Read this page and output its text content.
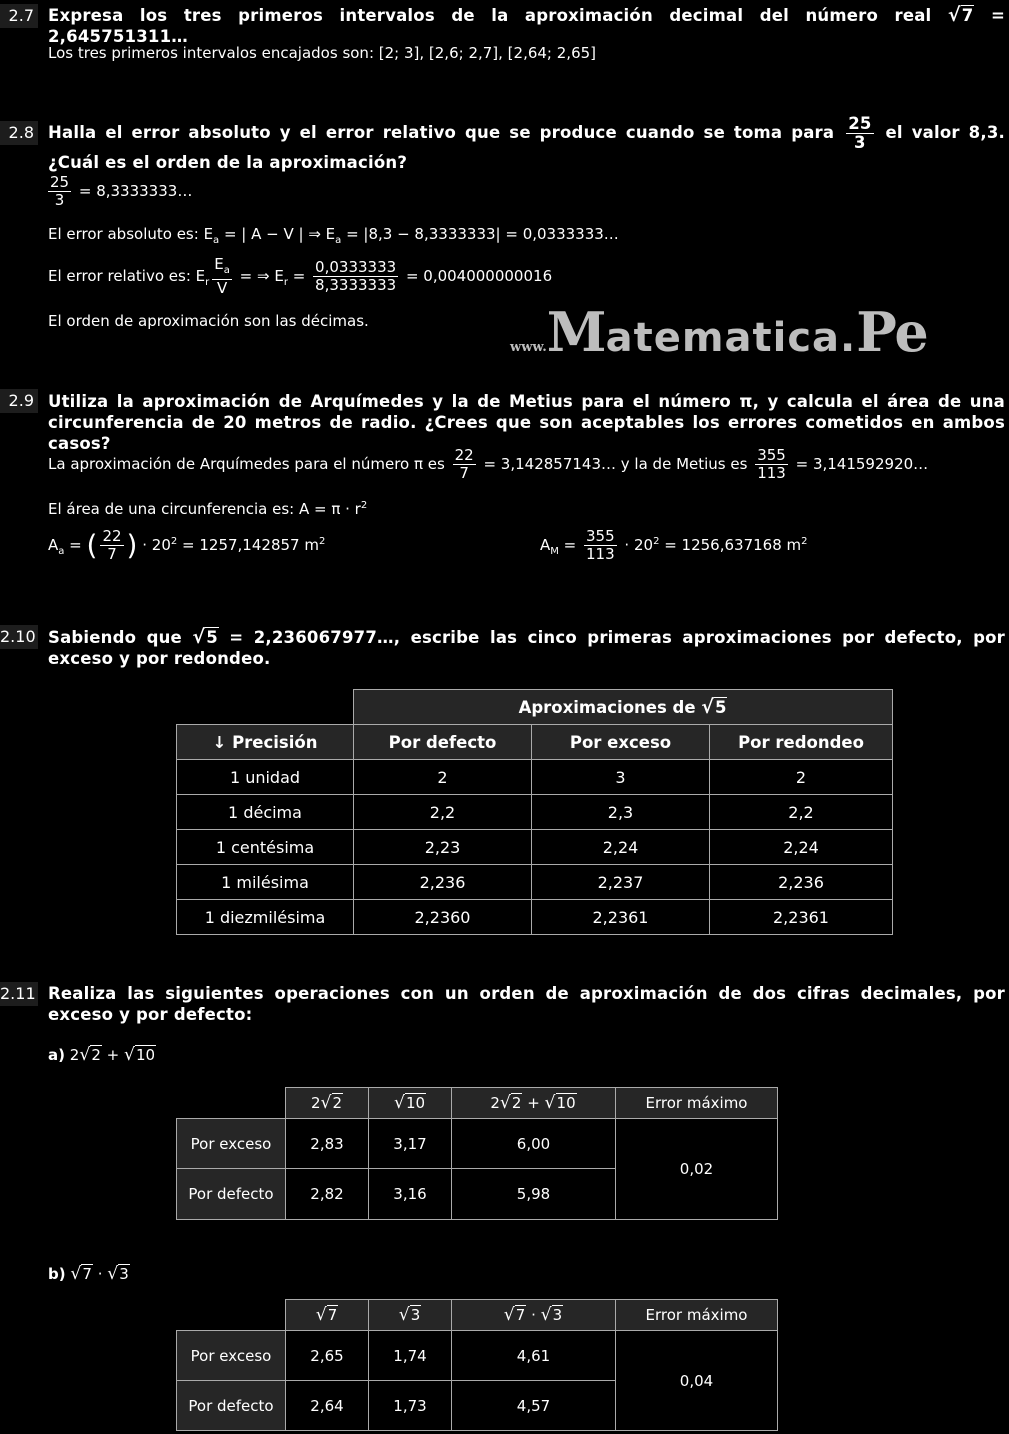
2.7 Expresa los tres primeros intervalos de la aproximación decimal del número real √7 = 2,645751311…
Los tres primeros intervalos encajados son: [2; 3], [2,6; 2,7], [2,64; 2,65]
2.8 Halla el error absoluto y el error relativo que se produce cuando se toma para $\frac{25}{3}$ el valor 8,3. ¿Cuál es el orden de la aproximación?
$\frac{25}{3}$ = 8,3333333…
El error absoluto es: $E_a$ = | A − V | ⇒ $E_a = |8,3 - 8,3333333|$ = 0,0333333…
El error relativo es: $E_r \frac{E_a}{V}$ = ⇒ $E_r = \frac{0,0333333}{8,3333333} = 0,004000000016$
El orden de aproximación son las décimas.
www.Matematica.Pe
2.9 Utiliza la aproximación de Arquímedes y la de Metius para el número π, y calcula el área de una circunferencia de 20 metros de radio. ¿Crees que son aceptables los errores cometidos en ambos casos?
La aproximación de Arquímedes para el número π es $\frac{22}{7}$ = 3,142857143… y la de Metius es $\frac{355}{113}$ = 3,141592920…
El área de una circunferencia es: $A = \pi \cdot r^2$
$A_a$ = ( $\frac{22}{7}$ ) · $20^2 = 1257,142857$ $m^2$	$A_M = \frac{355}{113} \cdot 20^2 = 1256,637168$ $m^2$
2.10 Sabiendo que √5 = 2,236067977…, escribe las cinco primeras aproximaciones por defecto, por exceso y por redondeo.
	Aproximaciones de √5		
↓ Precisión	Por defecto	Por exceso	Por redondeo
1 unidad	2	3	2
1 décima	2,2	2,3	2,2
1 centésima	2,23	2,24	2,24
1 milésima	2,236	2,237	2,236
1 diezmilésima	2,2360	2,2361	2,2361
2.11 Realiza las siguientes operaciones con un orden de aproximación de dos cifras decimales, por exceso y por defecto:
a) 2√2 + √10
	2√2	√10	2√2 + √10	Error máximo
Por exceso	2,83	3,17	6,00	0,02
Por defecto	2,82	3,16	5,98	
b) √7 · √3
	√7	√3	√7 · √3	Error máximo
Por exceso	2,65	1,74	4,61	0,04
Por defecto	2,64	1,73	4,57	
